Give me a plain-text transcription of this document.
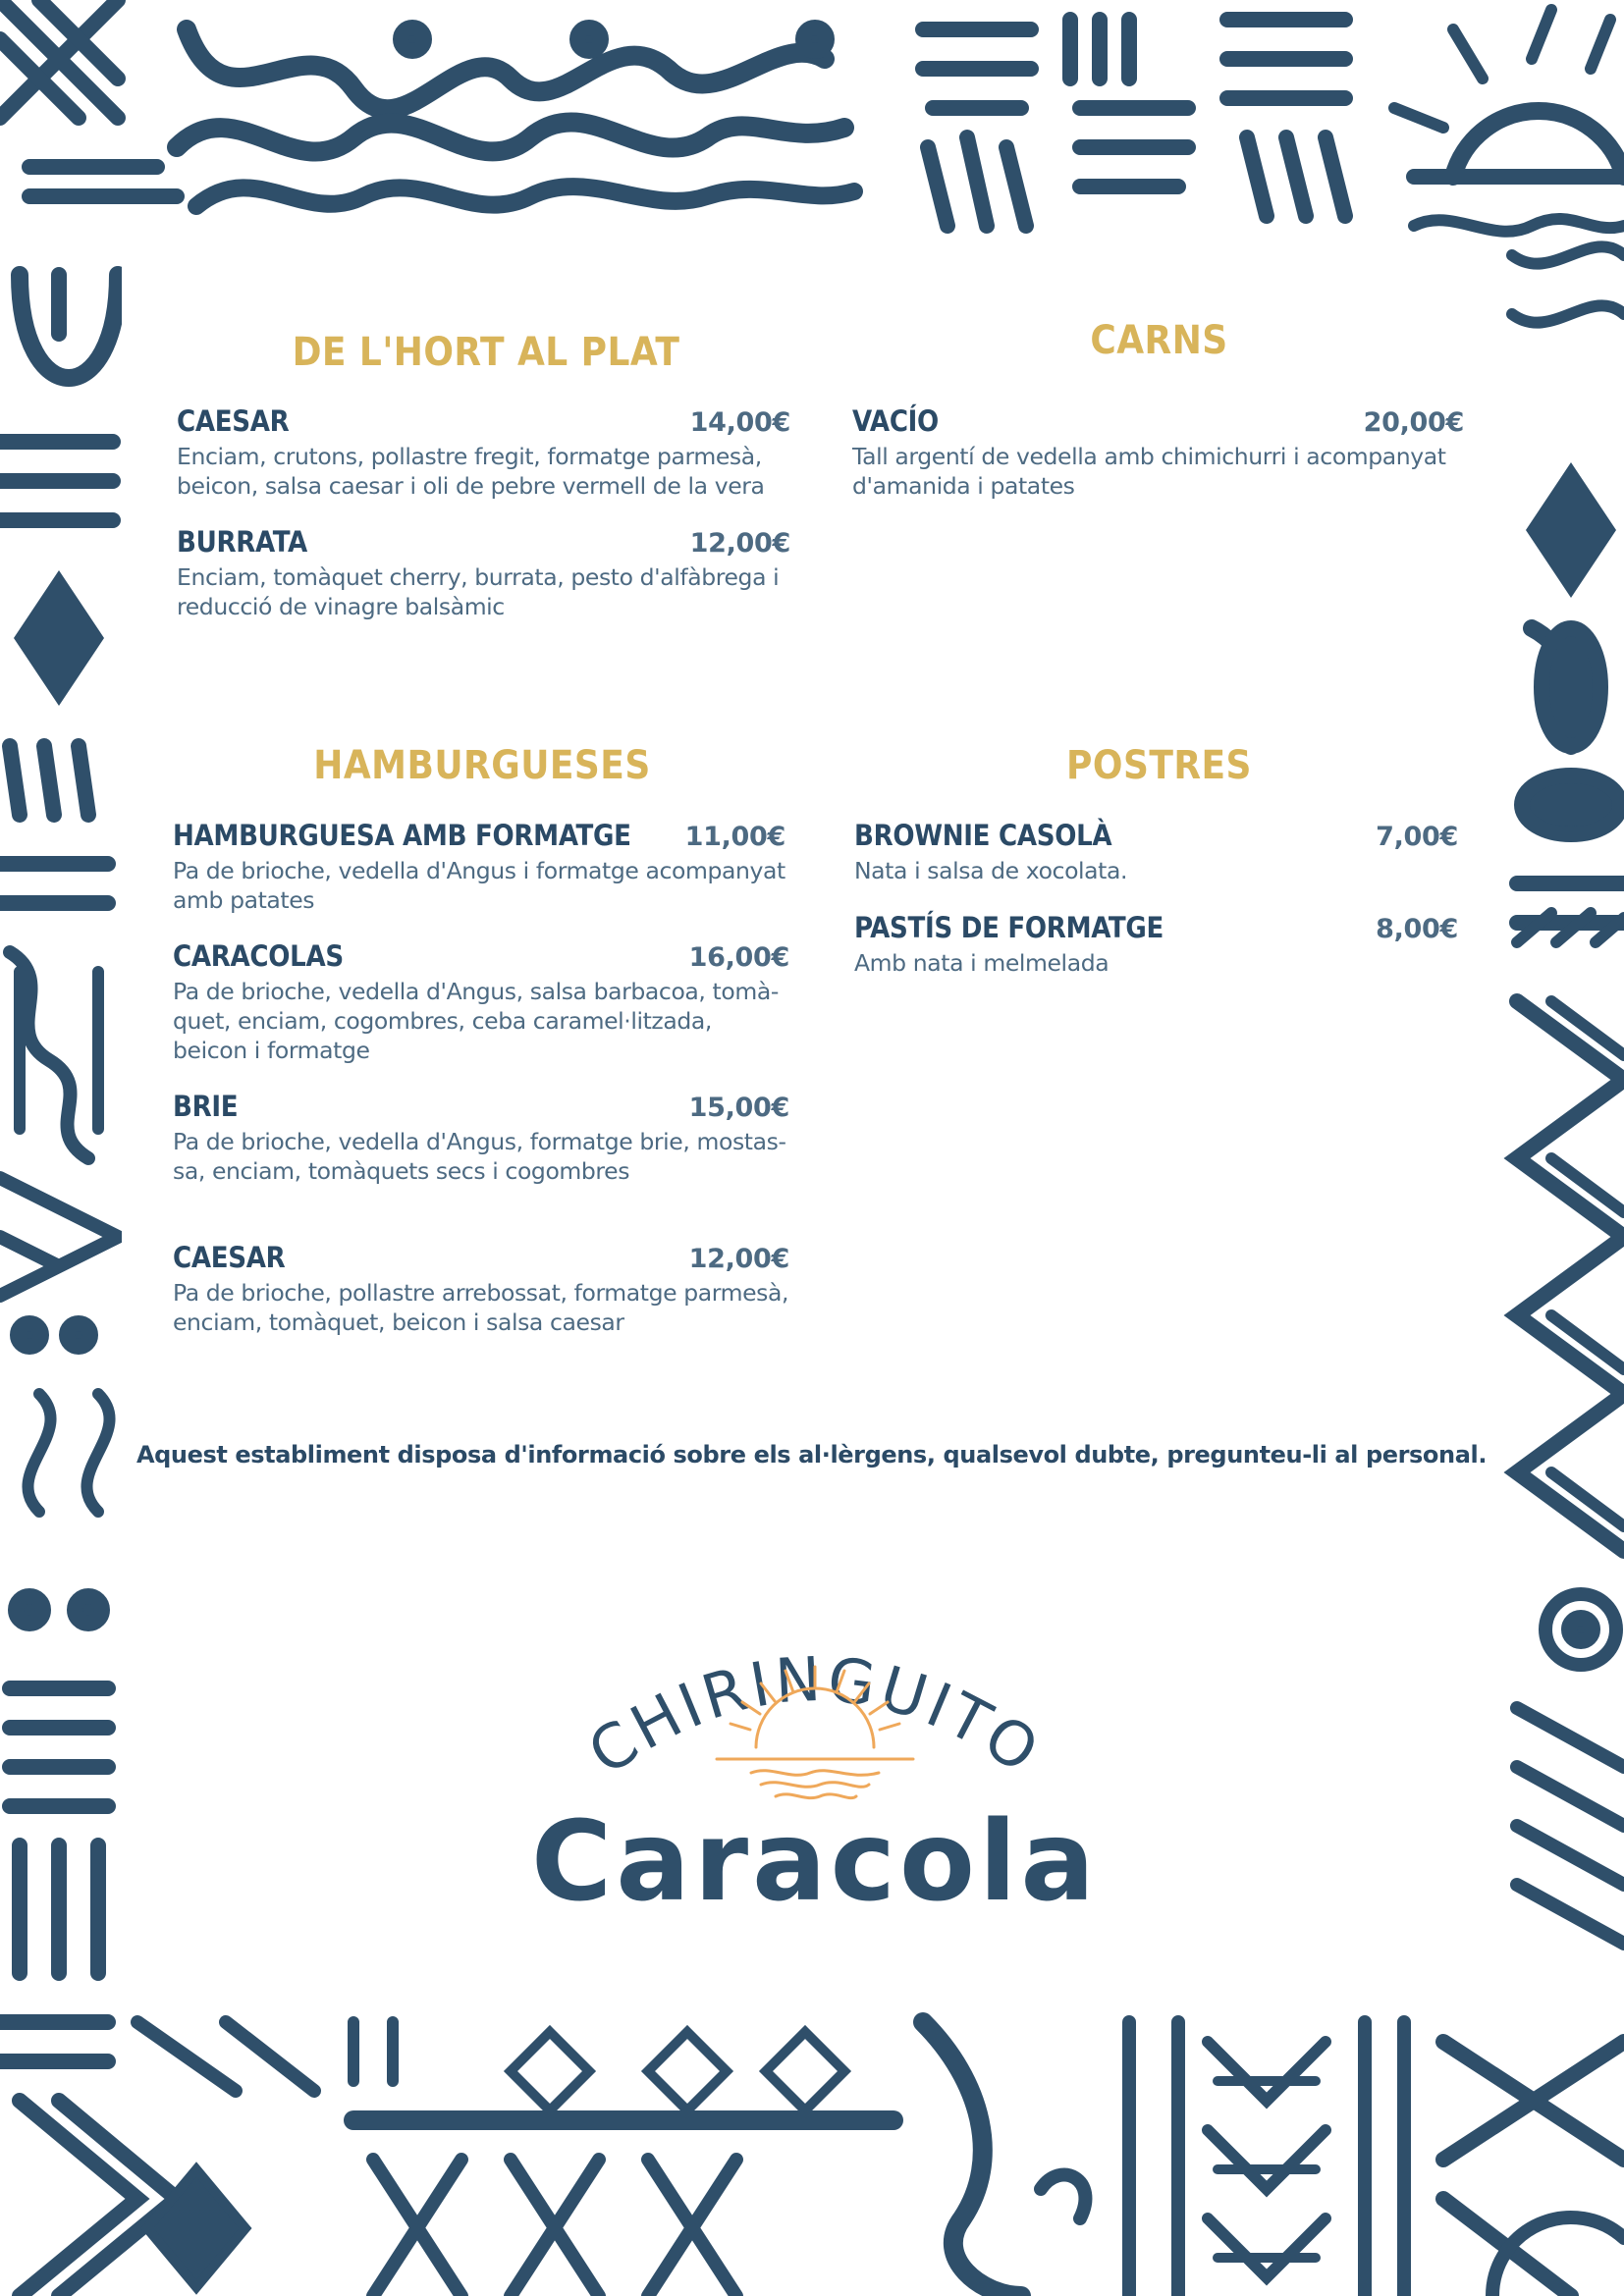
DE L'HORT AL PLAT
CAESAR	14,00€

Enciam, crutons, pollastre fregit, formatge parmesà, beicon, salsa caesar i oli de pebre vermell de la vera

BURRATA	12,00€

Enciam, tomàquet cherry, burrata, pesto d'alfàbrega i reducció de vinagre balsàmic

CARNS
VACÍO	20,00€

Tall argentí de vedella amb chimichurri i acompanyat d'amanida i patates

HAMBURGUESES
HAMBURGUESA AMB FORMATGE 11,00€

Pa de brioche, vedella d'Angus i formatge acompanyat amb patates

CARACOLAS	16,00€

Pa de brioche, vedella d'Angus, salsa barbacoa, tomà-quet, enciam, cogombres, ceba caramel·litzada, beicon i formatge

BRIE	15,00€

Pa de brioche, vedella d'Angus, formatge brie, mostas-sa, enciam, tomàquets secs i cogombres

CAESAR	12,00€

Pa de brioche, pollastre arrebossat, formatge parmesà, enciam, tomàquet, beicon i salsa caesar

POSTRES
BROWNIE CASOLÀ	7,00€

Nata i salsa de xocolata.

PASTÍS DE FORMATGE	8,00€

Amb nata i melmelada

Aquest establiment disposa d'informació sobre els al·lèrgens, qualsevol dubte, pregunteu-li al personal.

CHIRINGUITO

Caracola
